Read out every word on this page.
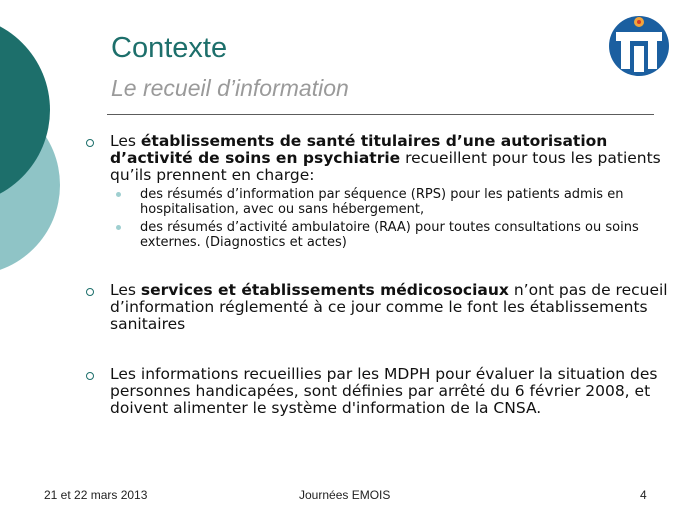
Contexte
Le recueil d’information
Les établissements de santé titulaires d’une autorisation d’activité de soins en psychiatrie recueillent pour tous les patients qu’ils prennent en charge:
des résumés d’information par séquence (RPS) pour les patients admis en hospitalisation, avec ou sans hébergement,
des résumés d’activité ambulatoire (RAA) pour toutes consultations ou soins externes. (Diagnostics et actes)
Les services et établissements médicosociaux n’ont pas de recueil d’information réglementé à ce jour comme le font les établissements sanitaires
Les informations recueillies par les MDPH pour évaluer la situation des personnes handicapées, sont définies par arrêté du 6 février 2008, et doivent alimenter le système d'information de la CNSA.
21 et 22 mars 2013	Journées EMOIS	4
